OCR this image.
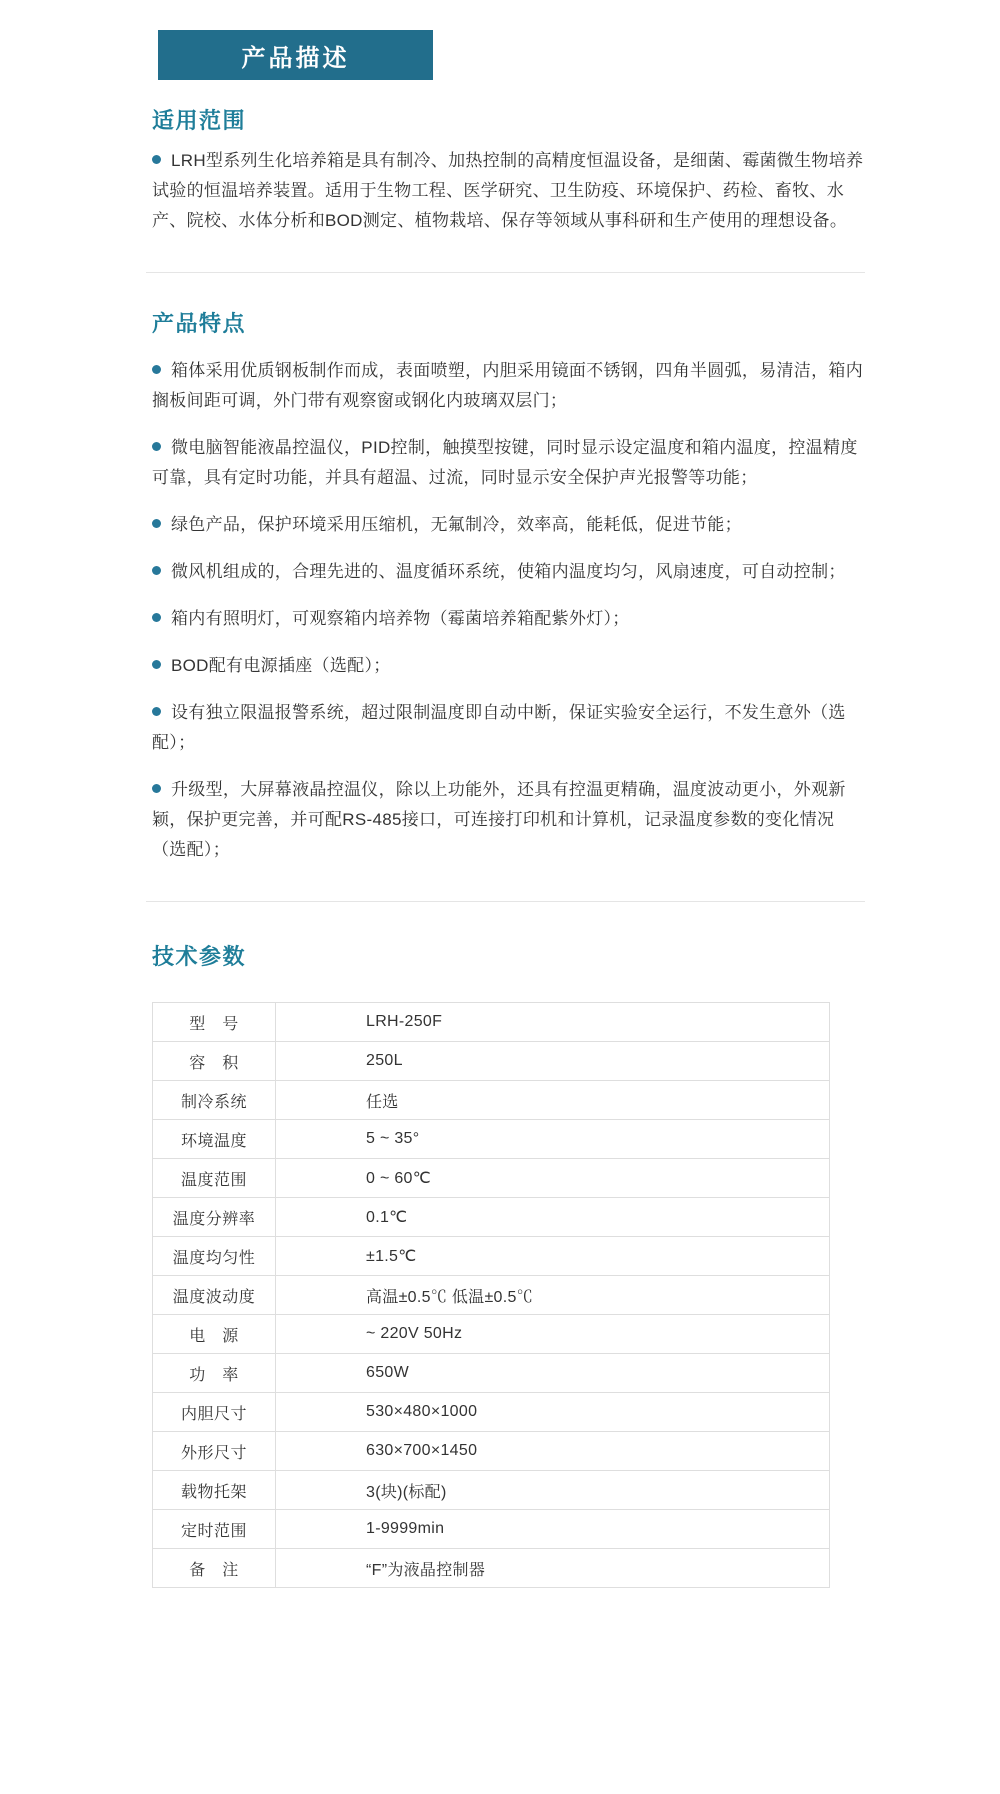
产品描述
适用范围

LRH型系列生化培养箱是具有制冷、加热控制的高精度恒温设备，是细菌、霉菌微生物培养试验的恒温培养装置。适用于生物工程、医学研究、卫生防疫、环境保护、药检、畜牧、水产、院校、水体分析和BOD测定、植物栽培、保存等领域从事科研和生产使用的理想设备。

产品特点

箱体采用优质钢板制作而成，表面喷塑，内胆采用镜面不锈钢，四角半圆弧，易清洁，箱内搁板间距可调，外门带有观察窗或钢化内玻璃双层门；

微电脑智能液晶控温仪，PID控制，触摸型按键，同时显示设定温度和箱内温度，控温精度可靠，具有定时功能，并具有超温、过流，同时显示安全保护声光报警等功能；

绿色产品，保护环境采用压缩机，无氟制冷，效率高，能耗低，促进节能；

微风机组成的，合理先进的、温度循环系统，使箱内温度均匀，风扇速度，可自动控制；

箱内有照明灯，可观察箱内培养物（霉菌培养箱配紫外灯）；

BOD配有电源插座（选配）；

设有独立限温报警系统，超过限制温度即自动中断，保证实验安全运行，不发生意外（选配）；

升级型，大屏幕液晶控温仪，除以上功能外，还具有控温更精确，温度波动更小，外观新颖，保护更完善，并可配RS-485接口，可连接打印机和计算机，记录温度参数的变化情况（选配）；

技术参数
型　号	LRH-250F
容　积	250L
制冷系统	任选
环境温度	5 ~ 35°
温度范围	0 ~ 60℃
温度分辨率	0.1℃
温度均匀性	±1.5℃
温度波动度	高温±0.5℃ 低温±0.5℃
电　源	~ 220V 50Hz
功　率	650W
内胆尺寸	530×480×1000
外形尺寸	630×700×1450
载物托架	3(块)(标配)
定时范围	1-9999min
备　注	“F”为液晶控制器
